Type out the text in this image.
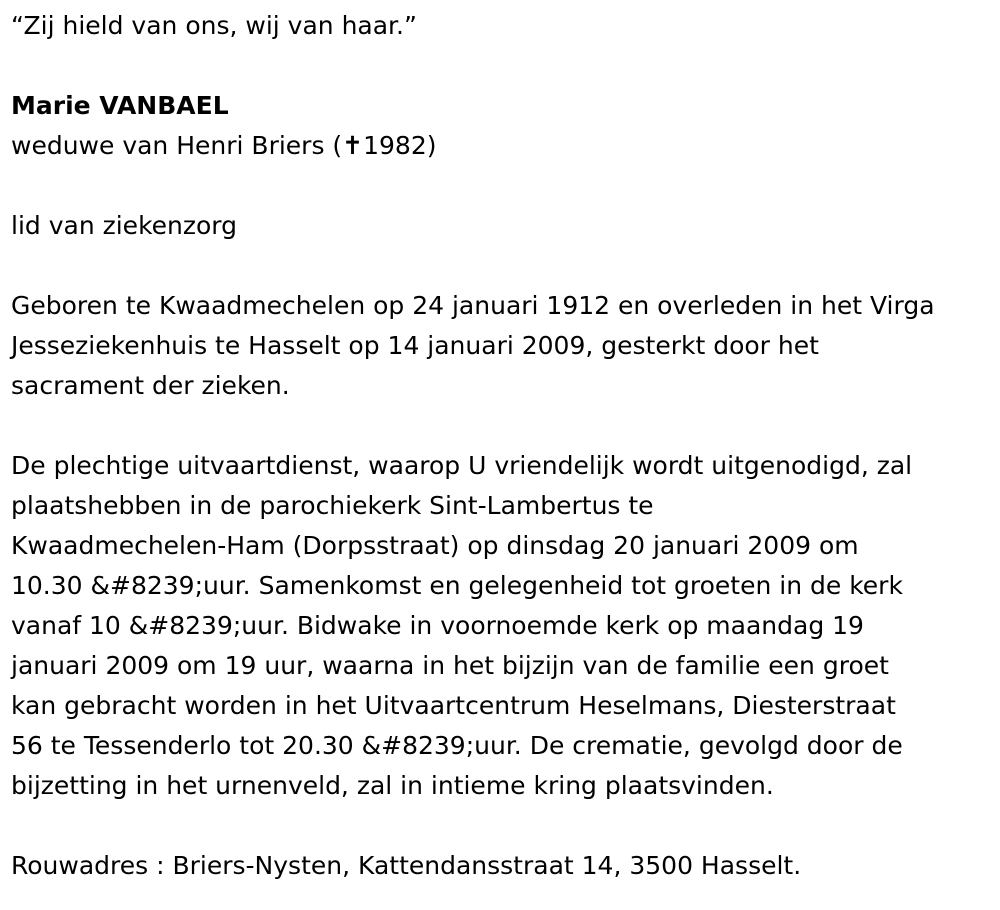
“Zij hield van ons, wij van haar.”
Marie VANBAEL
weduwe van Henri Briers (✝1982)
lid van ziekenzorg
Geboren te Kwaadmechelen op 24 januari 1912 en overleden in het Virga
Jesseziekenhuis te Hasselt op 14 januari 2009, gesterkt door het
sacrament der zieken.
De plechtige uitvaartdienst, waarop U vriendelijk wordt uitgenodigd, zal
plaatshebben in de parochiekerk Sint-Lambertus te
Kwaadmechelen-Ham (Dorpsstraat) op dinsdag 20 januari 2009 om
10.30 &#8239;uur. Samenkomst en gelegenheid tot groeten in de kerk
vanaf 10 &#8239;uur. Bidwake in voornoemde kerk op maandag 19
januari 2009 om 19 uur, waarna in het bijzijn van de familie een groet
kan gebracht worden in het Uitvaartcentrum Heselmans, Diesterstraat
56 te Tessenderlo tot 20.30 &#8239;uur. De crematie, gevolgd door de
bijzetting in het urnenveld, zal in intieme kring plaatsvinden.
Rouwadres : Briers-Nysten, Kattendansstraat 14, 3500 Hasselt.
